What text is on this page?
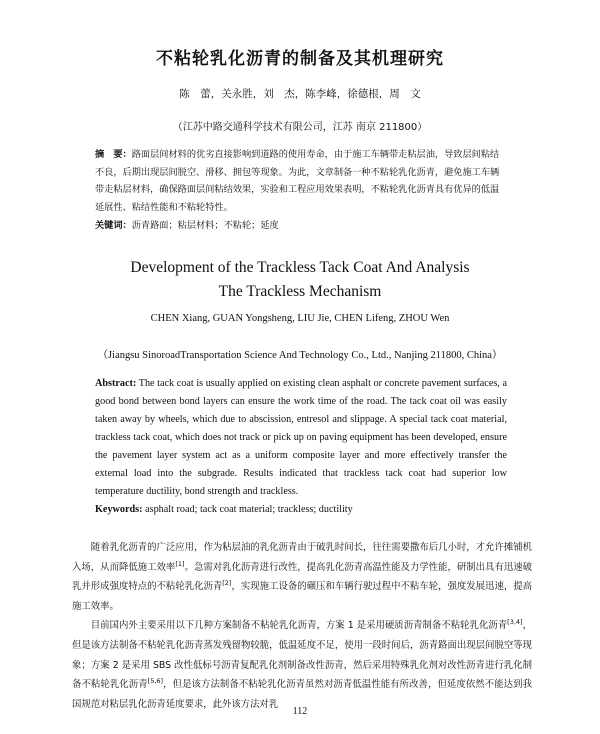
不粘轮乳化沥青的制备及其机理研究
陈　蕾，关永胜，刘　杰，陈李峰，徐德根，周　文
（江苏中路交通科学技术有限公司，江苏 南京 211800）
摘　要：路面层间材料的优劣直接影响到道路的使用寿命，由于施工车辆带走粘层油，导致层间粘结不良，后期出现层间脱空、滑移、拥包等现象。为此，文章制备一种不粘轮乳化沥青，避免施工车辆带走粘层材料，确保路面层间粘结效果，实验和工程应用效果表明，不粘轮乳化沥青具有优异的低温延展性、粘结性能和不粘轮特性。
关键词：沥青路面；粘层材料；不粘轮；延度
Development of the Trackless Tack Coat And Analysis
The Trackless Mechanism
CHEN Xiang, GUAN Yongsheng, LIU Jie, CHEN Lifeng, ZHOU Wen
（Jiangsu SinoroadTransportation Science And Technology Co., Ltd., Nanjing 211800, China）
Abstract: The tack coat is usually applied on existing clean asphalt or concrete pavement surfaces, a good bond between bond layers can ensure the work time of the road. The tack coat oil was easily taken away by wheels, which due to abscission, entresol and slippage. A special tack coat material, trackless tack coat, which does not track or pick up on paving equipment has been developed, ensure the pavement layer system act as a uniform composite layer and more effectively transfer the external load into the subgrade. Results indicated that trackless tack coat had superior low temperature ductility, bond strength and trackless.
Keywords: asphalt road; tack coat material; trackless; ductility

随着乳化沥青的广泛应用，作为粘层油的乳化沥青由于破乳时间长，往往需要撒布后几小时，才允许摊铺机入场，从而降低施工效率[1]。急需对乳化沥青进行改性，提高乳化沥青高温性能及力学性能，研制出具有迅速破乳并形成强度特点的不粘轮乳化沥青[2]，实现施工设备的碾压和车辆行驶过程中不粘车轮，强度发展迅速，提高施工效率。

目前国内外主要采用以下几种方案制备不粘轮乳化沥青，方案 1 是采用硬质沥青制备不粘轮乳化沥青[3,4]，但是该方法制备不粘轮乳化沥青蒸发残留物较脆，低温延度不足，使用一段时间后，沥青路面出现层间脱空等现象；方案 2 是采用 SBS 改性低标号沥青复配乳化剂制备改性沥青，然后采用特殊乳化剂对改性沥青进行乳化制备不粘轮乳化沥青[5,6]，但是该方法制备不粘轮乳化沥青虽然对沥青低温性能有所改善，但延度依然不能达到我国规范对粘层乳化沥青延度要求，此外该方法对乳

112
